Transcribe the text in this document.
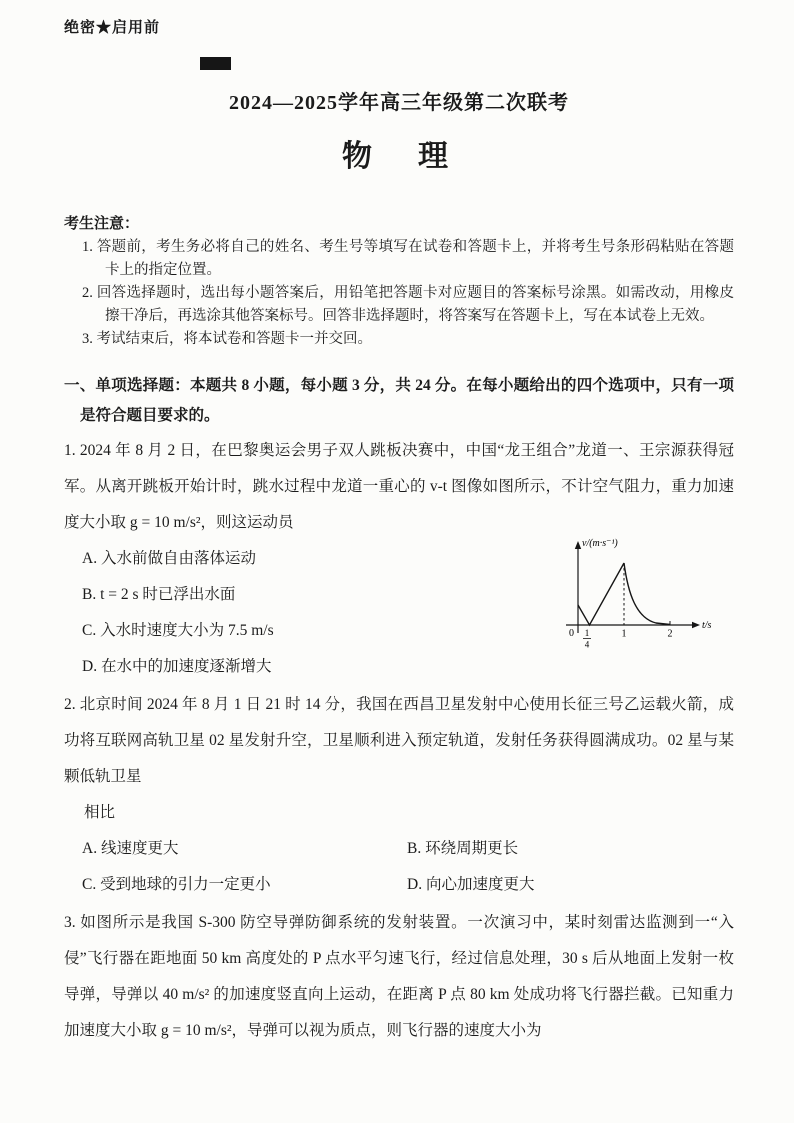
绝密★启用前
2024—2025学年高三年级第二次联考
物　理
考生注意：
1. 答题前，考生务必将自己的姓名、考生号等填写在试卷和答题卡上，并将考生号条形码粘贴在答题卡上的指定位置。
2. 回答选择题时，选出每小题答案后，用铅笔把答题卡对应题目的答案标号涂黑。如需改动，用橡皮擦干净后，再选涂其他答案标号。回答非选择题时，将答案写在答题卡上，写在本试卷上无效。
3. 考试结束后，将本试卷和答题卡一并交回。
一、单项选择题：本题共 8 小题，每小题 3 分，共 24 分。在每小题给出的四个选项中，只有一项是符合题目要求的。
1. 2024 年 8 月 2 日，在巴黎奥运会男子双人跳板决赛中，中国“龙王组合”龙道一、王宗源获得冠军。从离开跳板开始计时，跳水过程中龙道一重心的 v-t 图像如图所示，不计空气阻力，重力加速度大小取 g = 10 m/s²，则这运动员
A. 入水前做自由落体运动
B. t = 2 s 时已浮出水面
C. 入水时速度大小为 7.5 m/s
D. 在水中的加速度逐渐增大
v/(m·s⁻¹)
t/s
0 1
4
1	2
2. 北京时间 2024 年 8 月 1 日 21 时 14 分，我国在西昌卫星发射中心使用长征三号乙运载火箭，成功将互联网高轨卫星 02 星发射升空，卫星顺利进入预定轨道，发射任务获得圆满成功。02 星与某颗低轨卫星
相比
A. 线速度更大	B. 环绕周期更长
C. 受到地球的引力一定更小	D. 向心加速度更大
3. 如图所示是我国 S-300 防空导弹防御系统的发射装置。一次演习中，某时刻雷达监测到一“入侵”飞行器在距地面 50 km 高度处的 P 点水平匀速飞行，经过信息处理，30 s 后从地面上发射一枚导弹，导弹以 40 m/s² 的加速度竖直向上运动，在距离 P 点 80 km 处成功将飞行器拦截。已知重力加速度大小取 g = 10 m/s²，导弹可以视为质点，则飞行器的速度大小为
